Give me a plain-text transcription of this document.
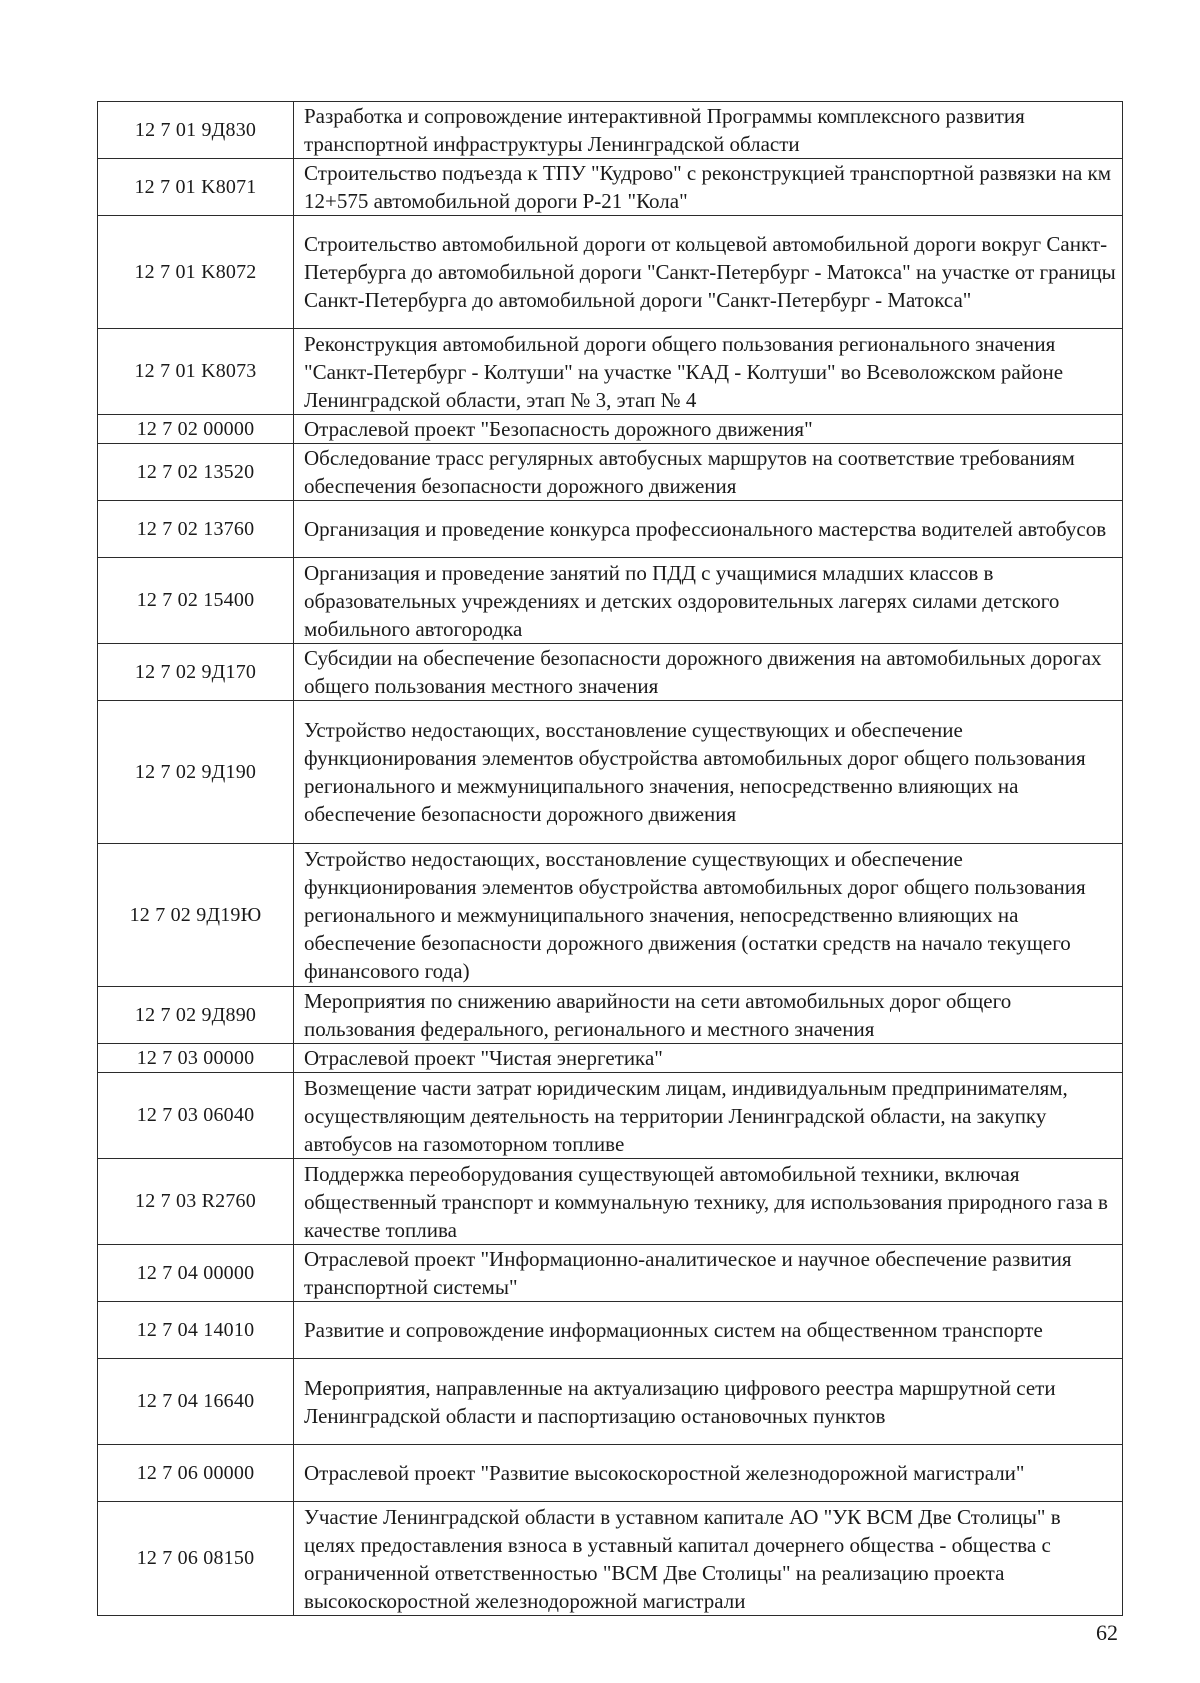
12 7 01 9Д830	Разработка и сопровождение интерактивной Программы комплексного развития транспортной инфраструктуры Ленинградской области
12 7 01 K8071	Строительство подъезда к ТПУ "Кудрово" с реконструкцией транспортной развязки на км 12+575 автомобильной дороги Р-21 "Кола"
12 7 01 K8072	Строительство автомобильной дороги от кольцевой автомобильной дороги вокруг Санкт-Петербурга до автомобильной дороги "Санкт-Петербург - Матокса" на участке от границы Санкт-Петербурга до автомобильной дороги "Санкт-Петербург - Матокса"
12 7 01 K8073	Реконструкция автомобильной дороги общего пользования регионального значения "Санкт-Петербург - Колтуши" на участке "КАД - Колтуши" во Всеволожском районе Ленинградской области, этап № 3, этап № 4
12 7 02 00000	Отраслевой проект "Безопасность дорожного движения"
12 7 02 13520	Обследование трасс регулярных автобусных маршрутов на соответствие требованиям обеспечения безопасности дорожного движения
12 7 02 13760	Организация и проведение конкурса профессионального мастерства водителей автобусов
12 7 02 15400	Организация и проведение занятий по ПДД с учащимися младших классов в образовательных учреждениях и детских оздоровительных лагерях силами детского мобильного автогородка
12 7 02 9Д170	Субсидии на обеспечение безопасности дорожного движения на автомобильных дорогах общего пользования местного значения
12 7 02 9Д190	Устройство недостающих, восстановление существующих и обеспечение функционирования элементов обустройства автомобильных дорог общего пользования регионального и межмуниципального значения, непосредственно влияющих на обеспечение безопасности дорожного движения
12 7 02 9Д19Ю	Устройство недостающих, восстановление существующих и обеспечение функционирования элементов обустройства автомобильных дорог общего пользования регионального и межмуниципального значения, непосредственно влияющих на обеспечение безопасности дорожного движения (остатки средств на начало текущего финансового года)
12 7 02 9Д890	Мероприятия по снижению аварийности на сети автомобильных дорог общего пользования федерального, регионального и местного значения
12 7 03 00000	Отраслевой проект "Чистая энергетика"
12 7 03 06040	Возмещение части затрат юридическим лицам, индивидуальным предпринимателям, осуществляющим деятельность на территории Ленинградской области, на закупку автобусов на газомоторном топливе
12 7 03 R2760	Поддержка переоборудования существующей автомобильной техники, включая общественный транспорт и коммунальную технику, для использования природного газа в качестве топлива
12 7 04 00000	Отраслевой проект "Информационно-аналитическое и научное обеспечение развития транспортной системы"
12 7 04 14010	Развитие и сопровождение информационных систем на общественном транспорте
12 7 04 16640	Мероприятия, направленные на актуализацию цифрового реестра маршрутной сети Ленинградской области и паспортизацию остановочных пунктов
12 7 06 00000	Отраслевой проект "Развитие высокоскоростной железнодорожной магистрали"
12 7 06 08150	Участие Ленинградской области в уставном капитале АО "УК ВСМ Две Столицы" в целях предоставления взноса в уставный капитал дочернего общества - общества с ограниченной ответственностью "ВСМ Две Столицы" на реализацию проекта высокоскоростной железнодорожной магистрали
62
